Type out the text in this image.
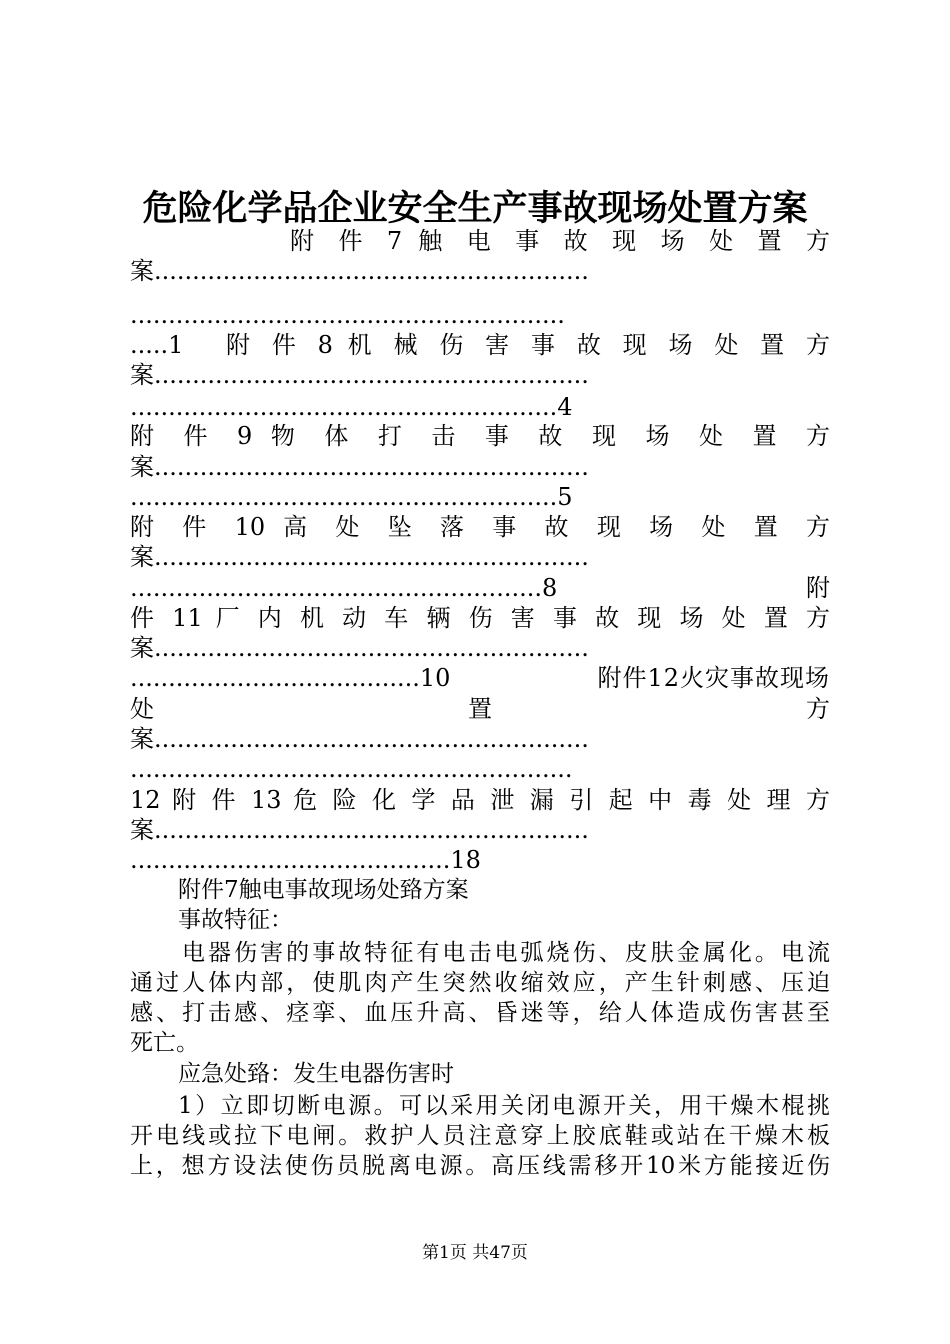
危险化学品企业安全生产事故现场处置方案
附 件 7 触 电 事 故 现 场 处 置 方
案.........................................................
.........................................................
.....1 附 件 8 机 械 伤 害 事 故 现 场 处 置 方
案.........................................................
........................................................4
附 件 9 物 体 打 击 事 故 现 场 处 置 方
案.........................................................
........................................................5
附 件 10 高 处 坠 落 事 故 现 场 处 置 方
案.........................................................
......................................................8	附
件 11 厂 内 机 动 车 辆 伤 害 事 故 现 场 处 置 方
案.........................................................
......................................10	附件12火灾事故现场
处 置 方
案.........................................................
..........................................................
12 附 件 13 危 险 化 学 品 泄 漏 引 起 中 毒 处 理 方
案.........................................................
..........................................18
附件7触电事故现场处臵方案
事故特征：
电器伤害的事故特征有电击电弧烧伤、皮肤金属化。电流
通过人体内部，使肌肉产生突然收缩效应，产生针刺感、压迫
感、打击感、痉挛、血压升高、昏迷等，给人体造成伤害甚至
死亡。
应急处臵：发生电器伤害时
1）立即切断电源。可以采用关闭电源开关，用干燥木棍挑
开电线或拉下电闸。救护人员注意穿上胶底鞋或站在干燥木板
上，想方设法使伤员脱离电源。高压线需移开10米方能接近伤
第1页 共47页
